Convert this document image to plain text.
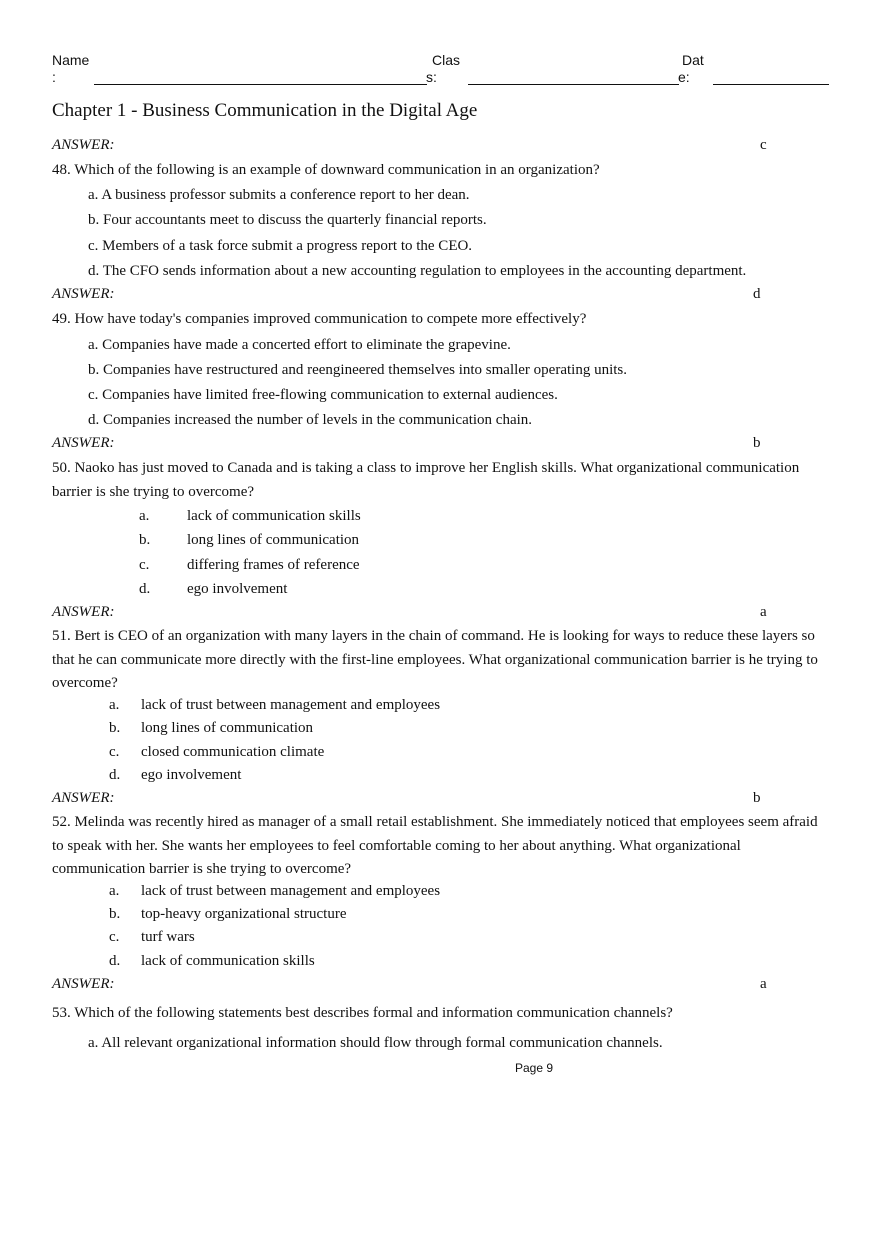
Name
:
Clas
s:
Dat
e:
Chapter 1 - Business Communication in the Digital Age
ANSWER:	c
48. Which of the following is an example of downward communication in an organization?
a. A business professor submits a conference report to her dean.
b. Four accountants meet to discuss the quarterly financial reports.
c. Members of a task force submit a progress report to the CEO.
d. The CFO sends information about a new accounting regulation to employees in the accounting department.
ANSWER:	d
49. How have today's companies improved communication to compete more effectively?
a. Companies have made a concerted effort to eliminate the grapevine.
b. Companies have restructured and reengineered themselves into smaller operating units.
c. Companies have limited free-flowing communication to external audiences.
d. Companies increased the number of levels in the communication chain.
ANSWER:	b
50. Naoko has just moved to Canada and is taking a class to improve her English skills. What organizational communication barrier is she trying to overcome?
a.	lack of communication skills
b. long lines of communication
c.	differing frames of reference
d. ego involvement
ANSWER:	a
51. Bert is CEO of an organization with many layers in the chain of command. He is looking for ways to reduce these layers so that he can communicate more directly with the first-line employees. What organizational communication barrier is he trying to overcome?
a. lack of trust between management and employees
b. long lines of communication
c. closed communication climate
d. ego involvement
ANSWER:	b
52. Melinda was recently hired as manager of a small retail establishment. She immediately noticed that employees seem afraid to speak with her. She wants her employees to feel comfortable coming to her about anything. What organizational communication barrier is she trying to overcome?
a. lack of trust between management and employees
b. top-heavy organizational structure
c. turf wars
d. lack of communication skills
ANSWER:	a
53. Which of the following statements best describes formal and information communication channels?
a. All relevant organizational information should flow through formal communication channels.
Page 9
